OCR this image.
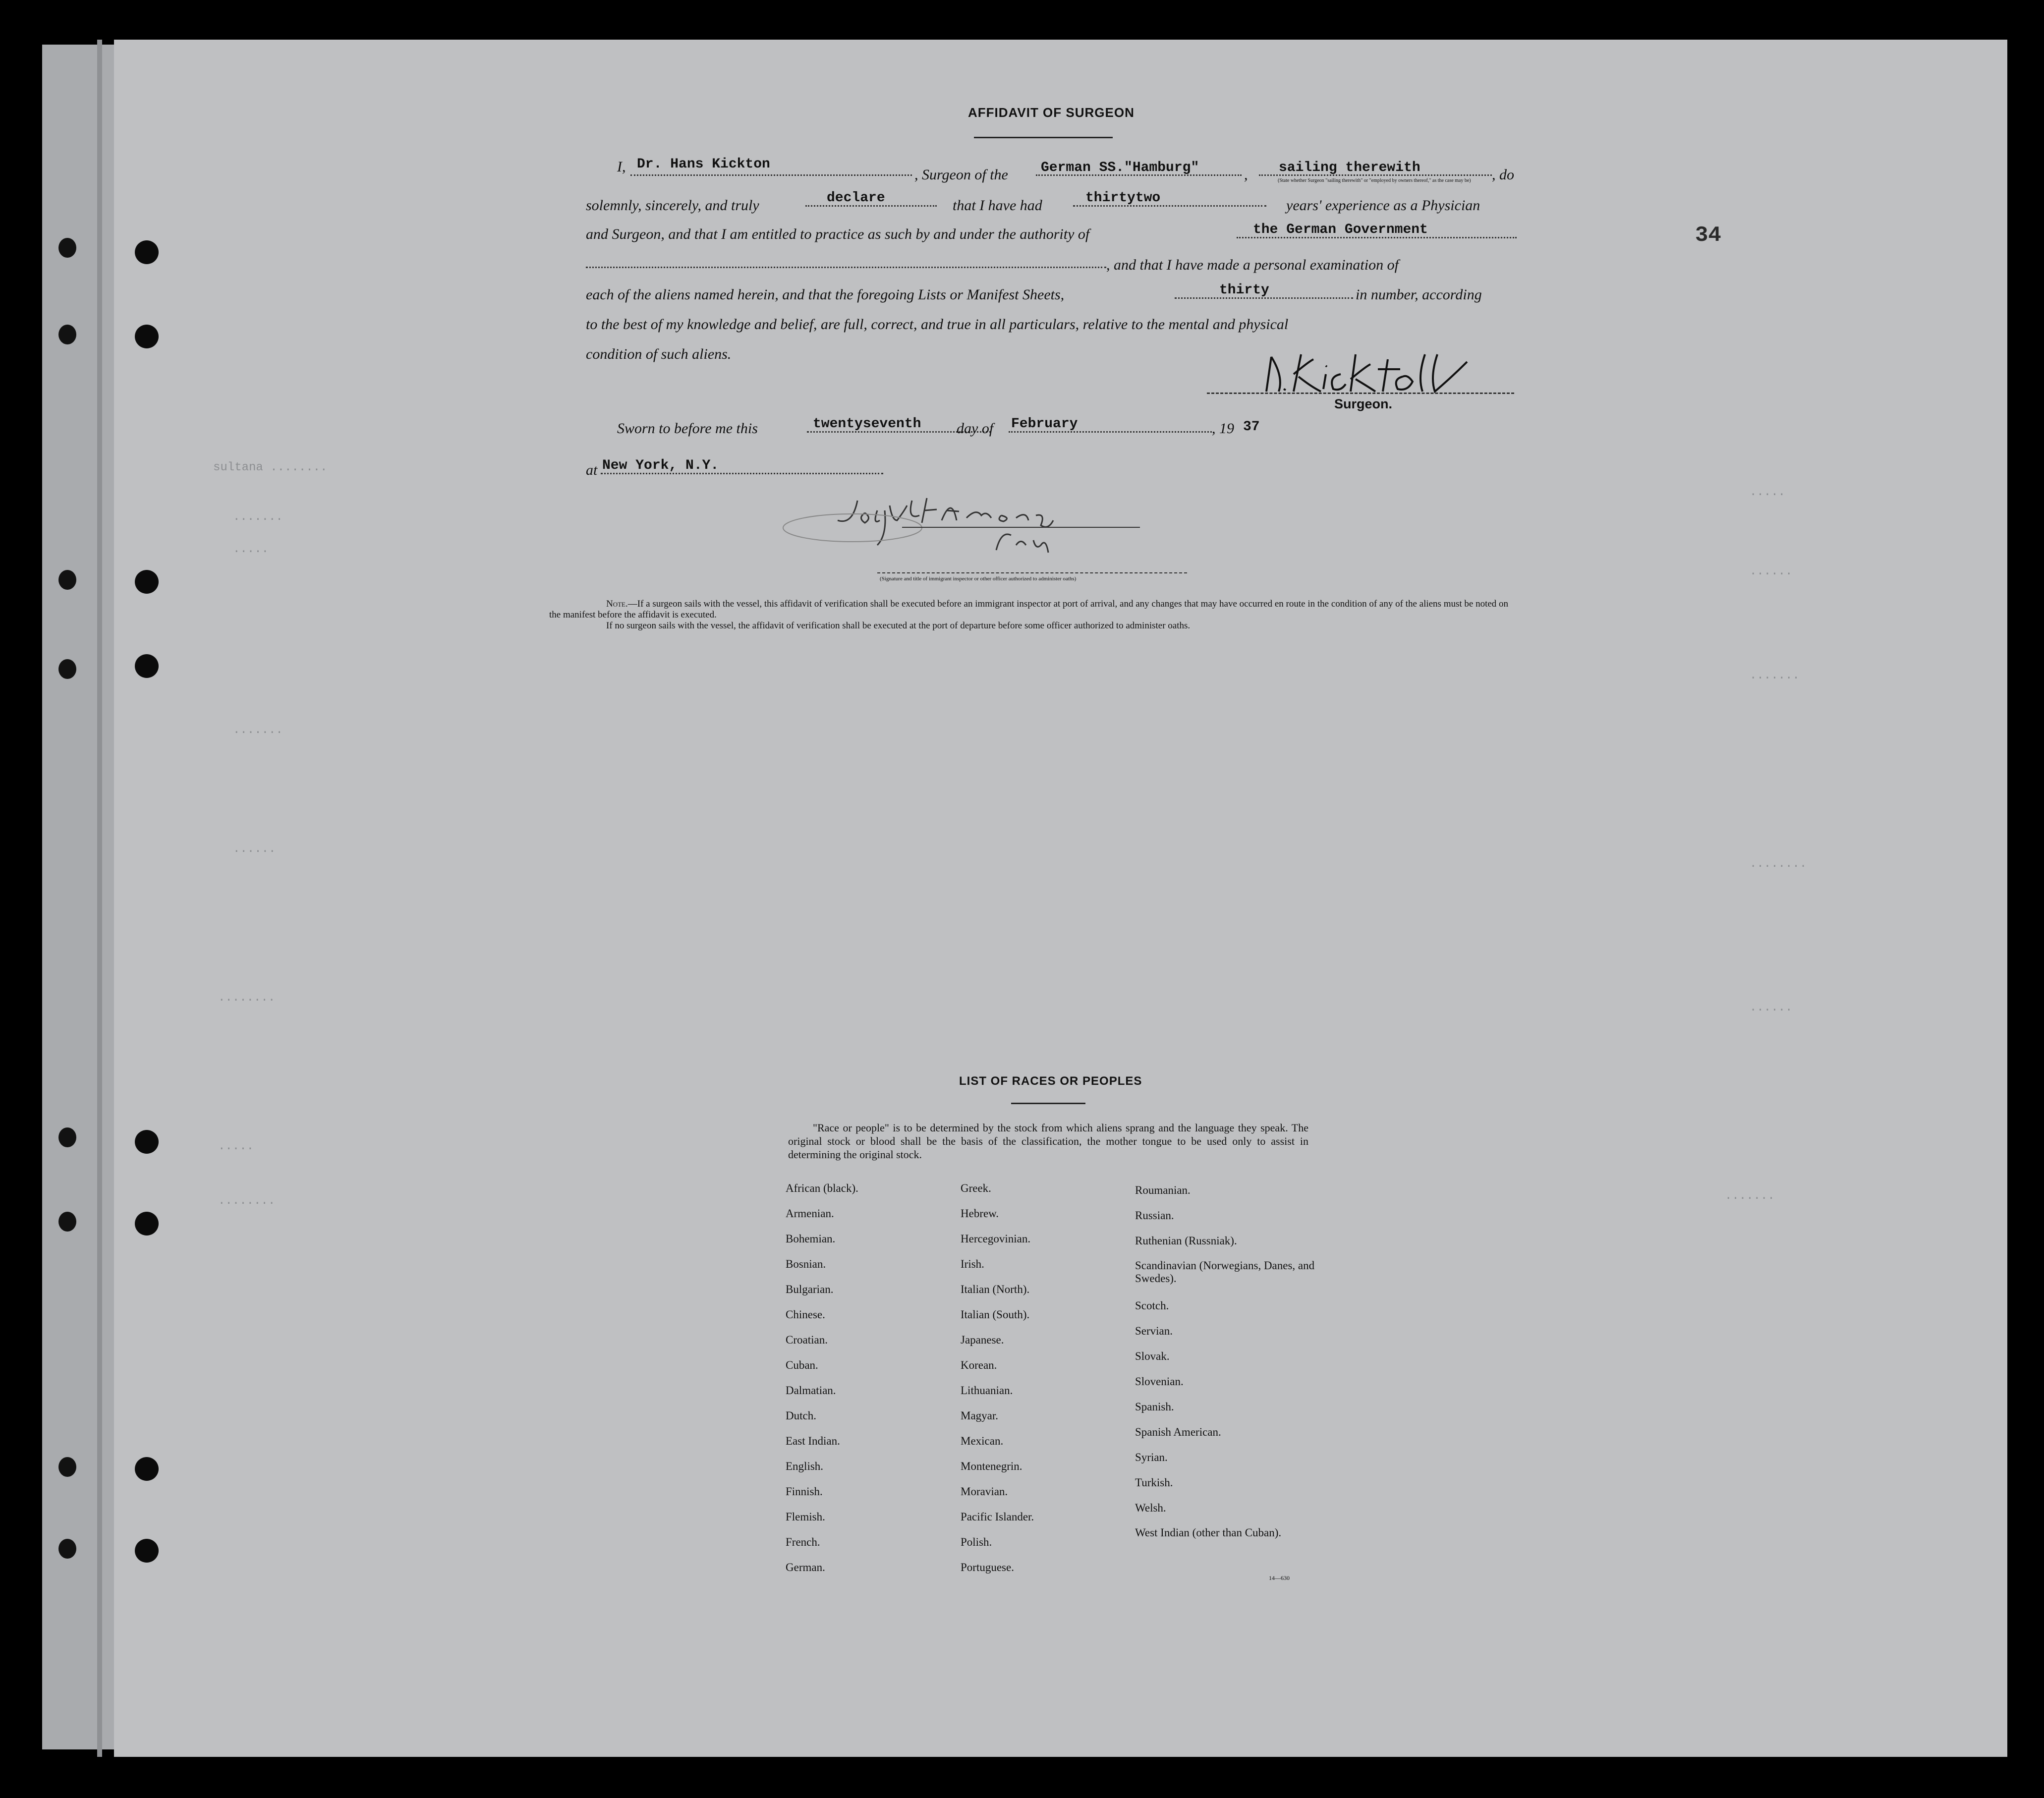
sultana ........
.......
.....
.......
......
........
.....
........
.....
......
.......
........
......
.......
34
AFFIDAVIT OF SURGEON
I, Dr. Hans Kickton
, Surgeon of the German SS."Hamburg"	, sailing therewith	, do
(State whether Surgeon "sailing therewith" or "employed by owners thereof," as the case may be)
solemnly, sincerely, and truly	declare	that I have had	thirtytwo	years' experience as a Physician
and Surgeon, and that I am entitled to practice as such by and under the authority of	the German Government
, and that I have made a personal examination of
each of the aliens named herein, and that the foregoing Lists or Manifest Sheets,	thirty	in number, according
to the best of my knowledge and belief, are full, correct, and true in all particulars, relative to the mental and physical
condition of such aliens.
Surgeon.
Sworn to before me this	twentyseventh day of February	, 19 37
at New York, N.Y.
(Signature and title of immigrant inspector or other officer authorized to administer oaths)
Note.—If a surgeon sails with the vessel, this affidavit of verification shall be executed before an immigrant inspector at port of arrival, and any changes that may have occurred en route in the condition of any of the aliens must be noted on the manifest before the affidavit is executed.
If no surgeon sails with the vessel, the affidavit of verification shall be executed at the port of departure before some officer authorized to administer oaths.
LIST OF RACES OR PEOPLES
"Race or people" is to be determined by the stock from which aliens sprang and the language they speak. The original stock or blood shall be the basis of the classification, the mother tongue to be used only to assist in determining the original stock.
African (black).
Armenian.
Bohemian.
Bosnian.
Bulgarian.
Chinese.
Croatian.
Cuban.
Dalmatian.
Dutch.
East Indian.
English.
Finnish.
Flemish.
French.
German.
Greek.
Hebrew.
Hercegovinian.
Irish.
Italian (North).
Italian (South).
Japanese.
Korean.
Lithuanian.
Magyar.
Mexican.
Montenegrin.
Moravian.
Pacific Islander.
Polish.
Portuguese.
Roumanian.
Russian.
Ruthenian (Russniak).
Scandinavian (Norwegians, Danes, and Swedes).
Scotch.
Servian.
Slovak.
Slovenian.
Spanish.
Spanish American.
Syrian.
Turkish.
Welsh.
West Indian (other than Cuban).
14—630
